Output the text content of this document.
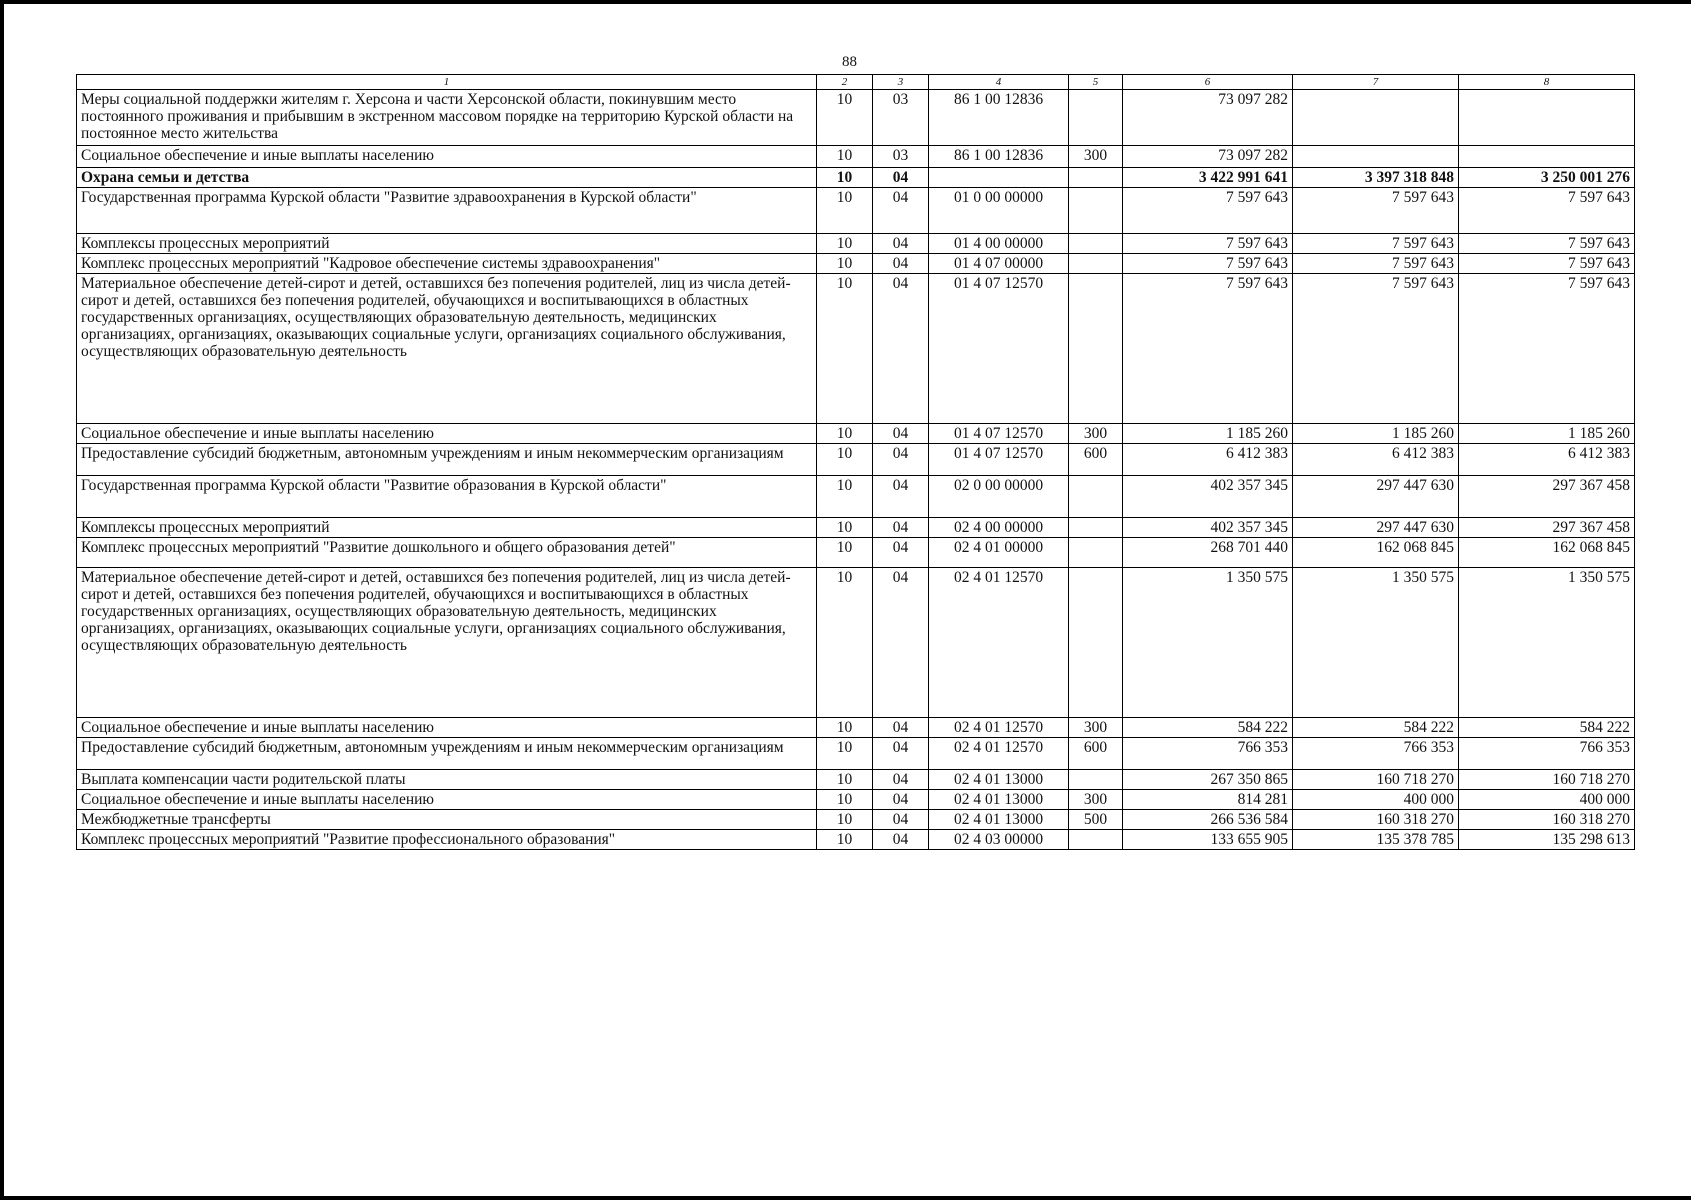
88
1	2	3	4	5	6	7	8
Меры социальной поддержки жителям г. Херсона и части Херсонской области, покинувшим место постоянного проживания и прибывшим в экстренном массовом порядке на территорию Курской области на постоянное место жительства	10	03	86 1 00 12836		73 097 282		
Социальное обеспечение и иные выплаты населению	10	03	86 1 00 12836	300	73 097 282		
Охрана семьи и детства	10	04			3 422 991 641	3 397 318 848	3 250 001 276
Государственная программа Курской области "Развитие здравоохранения в Курской области"	10	04	01 0 00 00000		7 597 643	7 597 643	7 597 643
Комплексы процессных мероприятий	10	04	01 4 00 00000		7 597 643	7 597 643	7 597 643
Комплекс процессных мероприятий "Кадровое обеспечение системы здравоохранения"	10	04	01 4 07 00000		7 597 643	7 597 643	7 597 643
Материальное обеспечение детей-сирот и детей, оставшихся без попечения родителей, лиц из числа детей-сирот и детей, оставшихся без попечения родителей, обучающихся и воспитывающихся в областных государственных организациях, осуществляющих образовательную деятельность, медицинских организациях, организациях, оказывающих социальные услуги, организациях социального обслуживания, осуществляющих образовательную деятельность	10	04	01 4 07 12570		7 597 643	7 597 643	7 597 643
Социальное обеспечение и иные выплаты населению	10	04	01 4 07 12570	300	1 185 260	1 185 260	1 185 260
Предоставление субсидий бюджетным, автономным учреждениям и иным некоммерческим организациям	10	04	01 4 07 12570	600	6 412 383	6 412 383	6 412 383
Государственная программа Курской области "Развитие образования в Курской области"	10	04	02 0 00 00000		402 357 345	297 447 630	297 367 458
Комплексы процессных мероприятий	10	04	02 4 00 00000		402 357 345	297 447 630	297 367 458
Комплекс процессных мероприятий "Развитие дошкольного и общего образования детей"	10	04	02 4 01 00000		268 701 440	162 068 845	162 068 845
Материальное обеспечение детей-сирот и детей, оставшихся без попечения родителей, лиц из числа детей-сирот и детей, оставшихся без попечения родителей, обучающихся и воспитывающихся в областных государственных организациях, осуществляющих образовательную деятельность, медицинских организациях, организациях, оказывающих социальные услуги, организациях социального обслуживания, осуществляющих образовательную деятельность	10	04	02 4 01 12570		1 350 575	1 350 575	1 350 575
Социальное обеспечение и иные выплаты населению	10	04	02 4 01 12570	300	584 222	584 222	584 222
Предоставление субсидий бюджетным, автономным учреждениям и иным некоммерческим организациям	10	04	02 4 01 12570	600	766 353	766 353	766 353
Выплата компенсации части родительской платы	10	04	02 4 01 13000		267 350 865	160 718 270	160 718 270
Социальное обеспечение и иные выплаты населению	10	04	02 4 01 13000	300	814 281	400 000	400 000
Межбюджетные трансферты	10	04	02 4 01 13000	500	266 536 584	160 318 270	160 318 270
Комплекс процессных мероприятий "Развитие профессионального образования"	10	04	02 4 03 00000		133 655 905	135 378 785	135 298 613
